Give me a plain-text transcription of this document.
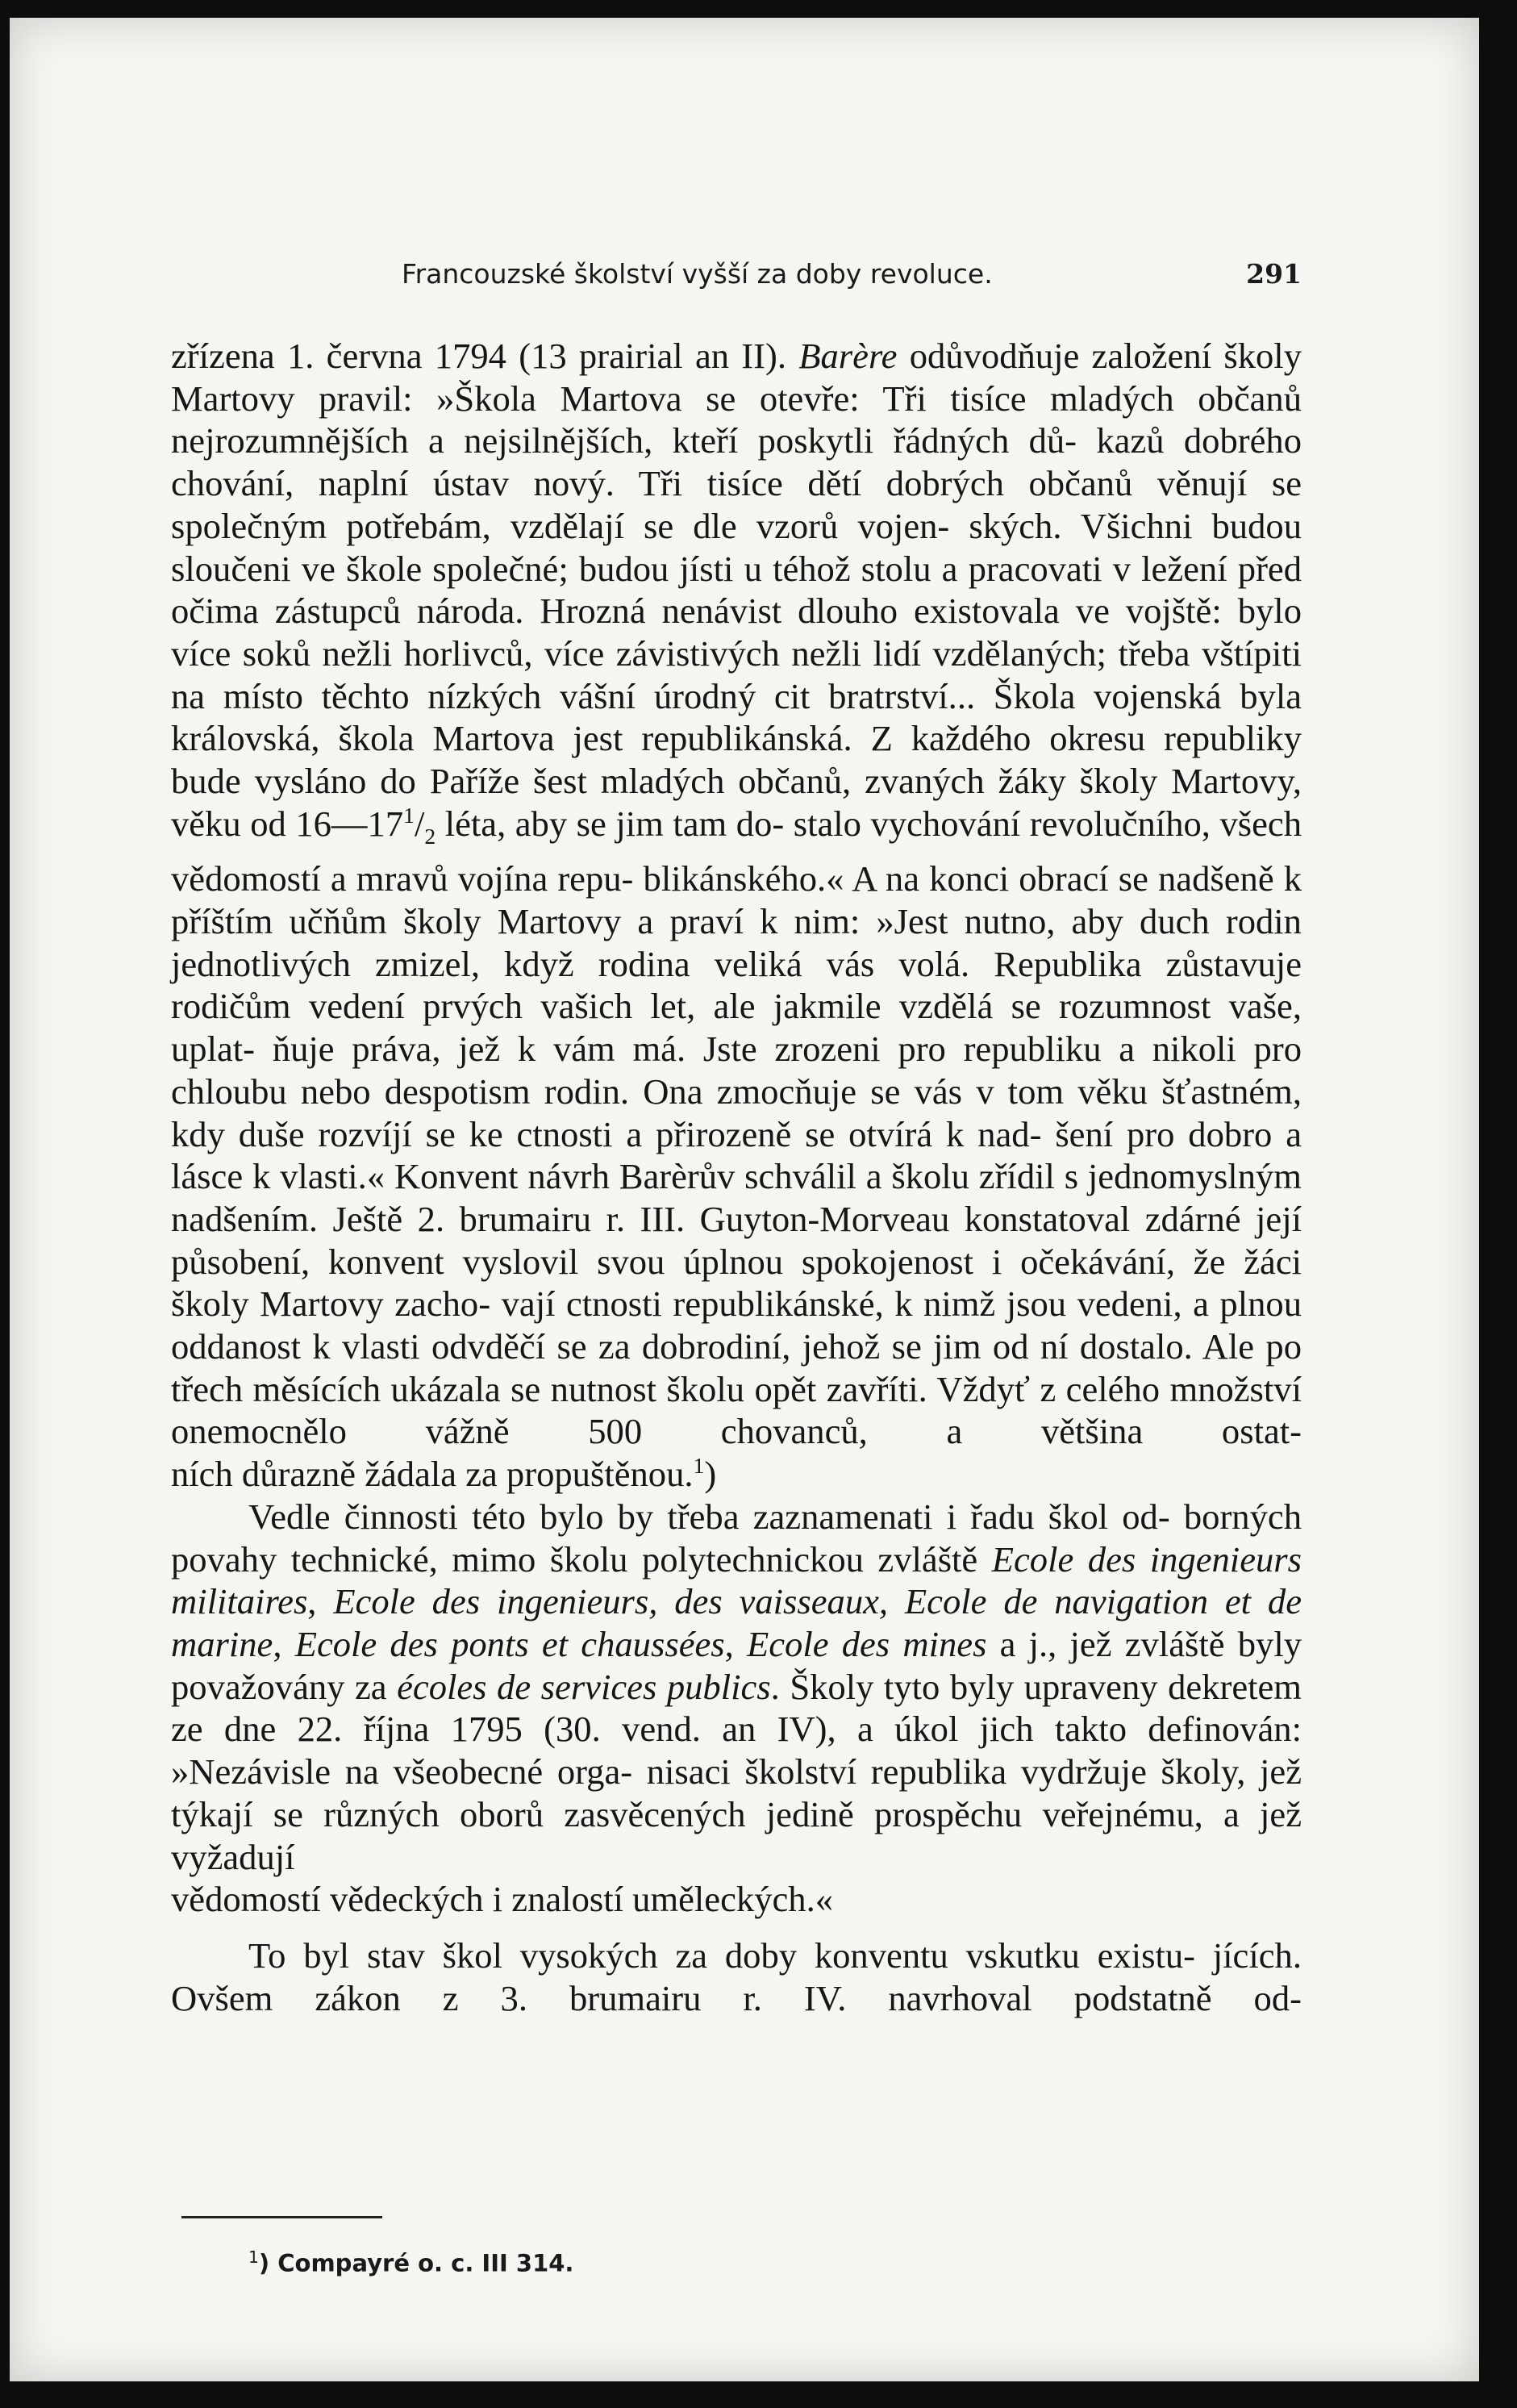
Francouzské školství vyšší za doby revoluce.	291

zřízena 1. června 1794 (13 prairial an II). Barère odůvodňuje založení školy Martovy pravil: »Škola Martova se otevře: Tři tisíce mladých občanů nejrozumnějších a nejsilnějších, kteří poskytli řádných dů- kazů dobrého chování, naplní ústav nový. Tři tisíce dětí dobrých občanů věnují se společným potřebám, vzdělají se dle vzorů vojen- ských. Všichni budou sloučeni ve škole společné; budou jísti u téhož stolu a pracovati v ležení před očima zástupců národa. Hrozná nenávist dlouho existovala ve vojště: bylo více soků nežli horlivců, více závistivých nežli lidí vzdělaných; třeba vštípiti na místo těchto nízkých vášní úrodný cit bratrství... Škola vojenská byla královská, škola Martova jest republikánská. Z každého okresu republiky bude vysláno do Paříže šest mladých občanů, zvaných žáky školy Martovy, věku od $16—17^1/_2$ léta, aby se jim tam do- stalo vychování revolučního, všech vědomostí a mravů vojína repu- blikánského.« A na konci obrací se nadšeně k příštím učňům školy Martovy a praví k nim: »Jest nutno, aby duch rodin jednotlivých zmizel, když rodina veliká vás volá. Republika zůstavuje rodičům vedení prvých vašich let, ale jakmile vzdělá se rozumnost vaše, uplat- ňuje práva, jež k vám má. Jste zrozeni pro republiku a nikoli pro chloubu nebo despotism rodin. Ona zmocňuje se vás v tom věku šťastném, kdy duše rozvíjí se ke ctnosti a přirozeně se otvírá k nad- šení pro dobro a lásce k vlasti.« Konvent návrh Barèrův schválil a školu zřídil s jednomyslným nadšením. Ještě 2. brumairu r. III. Guyton-Morveau konstatoval zdárné její působení, konvent vyslovil svou úplnou spokojenost i očekávání, že žáci školy Martovy zacho- vají ctnosti republikánské, k nimž jsou vedeni, a plnou oddanost k vlasti odvděčí se za dobrodiní, jehož se jim od ní dostalo. Ale po třech měsících ukázala se nutnost školu opět zavříti. Vždyť z celého množství onemocnělo vážně 500 chovanců, a většina ostat-

ních důrazně žádala za propuštěnou.$^1$)

Vedle činnosti této bylo by třeba zaznamenati i řadu škol od- borných povahy technické, mimo školu polytechnickou zvláště Ecole des ingenieurs militaires, Ecole des ingenieurs, des vaisseaux, Ecole de navigation et de marine, Ecole des ponts et chaussées, Ecole des mines a j., jež zvláště byly považovány za écoles de services publics. Školy tyto byly upraveny dekretem ze dne 22. října 1795 (30. vend. an IV), a úkol jich takto definován: »Nezávisle na všeobecné orga- nisaci školství republika vydržuje školy, jež týkají se různých oborů zasvěcených jedině prospěchu veřejnému, a jež vyžadují

vědomostí vědeckých i znalostí uměleckých.«

To byl stav škol vysokých za doby konventu vskutku existu- jících. Ovšem zákon z 3. brumairu r. IV. navrhoval podstatně od-

$^1$) Compayré o. c. III 314.
